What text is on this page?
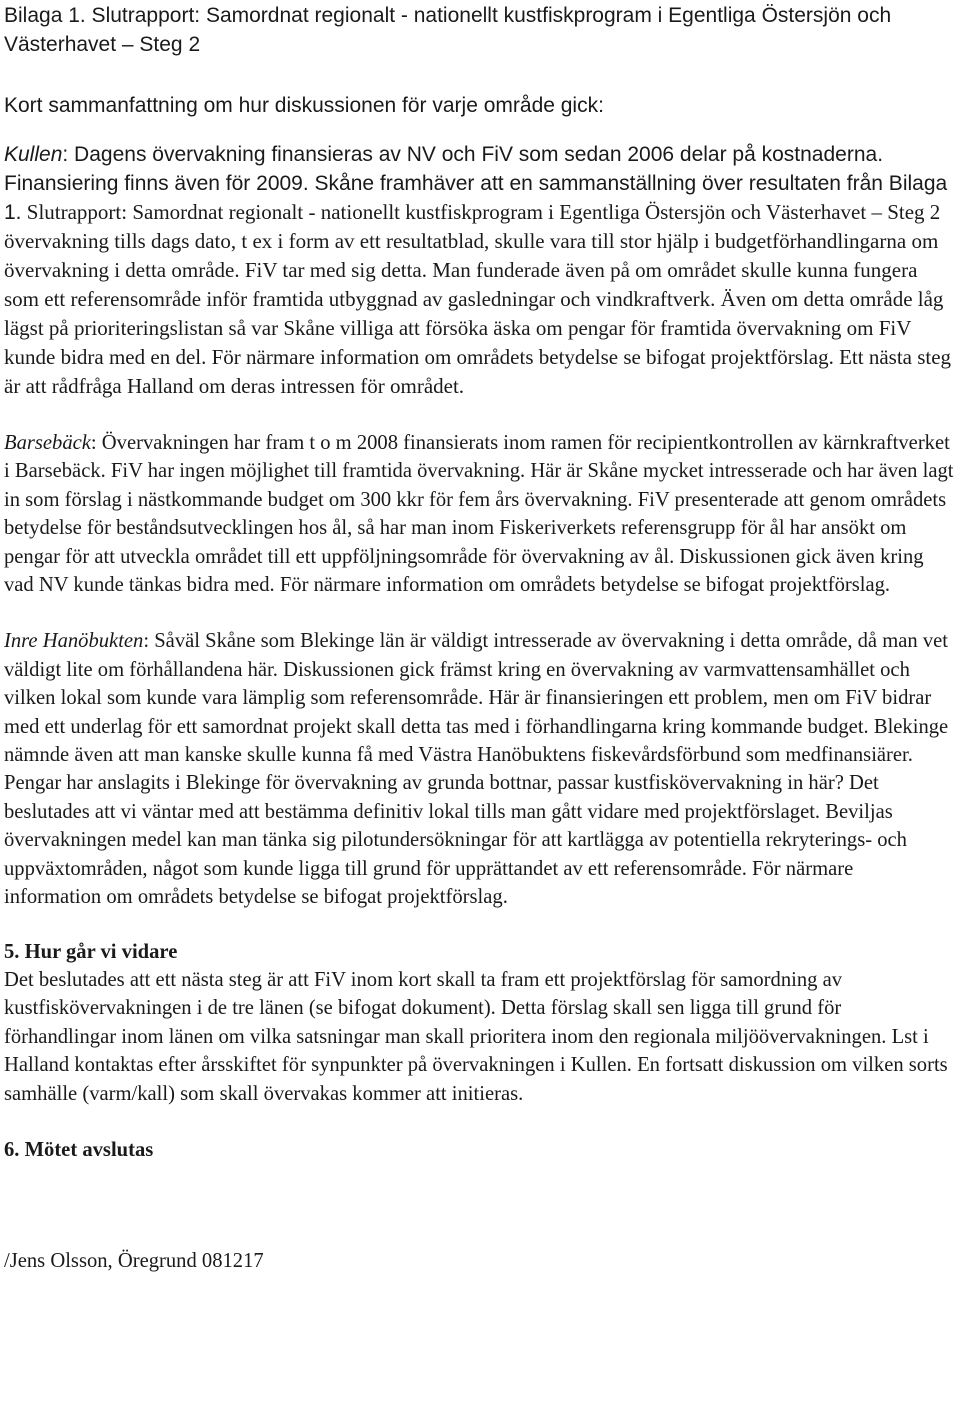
Bilaga 1. Slutrapport: Samordnat regionalt - nationellt kustfiskprogram i Egentliga Östersjön och Västerhavet – Steg 2

Kort sammanfattning om hur diskussionen för varje område gick:

Kullen: Dagens övervakning finansieras av NV och FiV som sedan 2006 delar på kostnaderna. Finansiering finns även för 2009. Skåne framhäver att en sammanställning över resultaten från Bilaga 1. Slutrapport: Samordnat regionalt - nationellt kustfiskprogram i Egentliga Östersjön och Västerhavet – Steg 2 övervakning tills dags dato, t ex i form av ett resultatblad, skulle vara till stor hjälp i budgetförhandlingarna om övervakning i detta område. FiV tar med sig detta. Man funderade även på om området skulle kunna fungera som ett referensområde inför framtida utbyggnad av gasledningar och vindkraftverk. Även om detta område låg lägst på prioriteringslistan så var Skåne villiga att försöka äska om pengar för framtida övervakning om FiV kunde bidra med en del. För närmare information om områdets betydelse se bifogat projektförslag. Ett nästa steg är att rådfråga Halland om deras intressen för området.

Barsebäck: Övervakningen har fram t o m 2008 finansierats inom ramen för recipientkontrollen av kärnkraftverket i Barsebäck. FiV har ingen möjlighet till framtida övervakning. Här är Skåne mycket intresserade och har även lagt in som förslag i nästkommande budget om 300 kkr för fem års övervakning. FiV presenterade att genom områdets betydelse för beståndsutvecklingen hos ål, så har man inom Fiskeriverkets referensgrupp för ål har ansökt om pengar för att utveckla området till ett uppföljningsområde för övervakning av ål. Diskussionen gick även kring vad NV kunde tänkas bidra med. För närmare information om områdets betydelse se bifogat projektförslag.

Inre Hanöbukten: Såväl Skåne som Blekinge län är väldigt intresserade av övervakning i detta område, då man vet väldigt lite om förhållandena här. Diskussionen gick främst kring en övervakning av varmvattensamhället och vilken lokal som kunde vara lämplig som referensområde. Här är finansieringen ett problem, men om FiV bidrar med ett underlag för ett samordnat projekt skall detta tas med i förhandlingarna kring kommande budget. Blekinge nämnde även att man kanske skulle kunna få med Västra Hanöbuktens fiskevårdsförbund som medfinansiärer. Pengar har anslagits i Blekinge för övervakning av grunda bottnar, passar kustfiskövervakning in här? Det beslutades att vi väntar med att bestämma definitiv lokal tills man gått vidare med projektförslaget. Beviljas övervakningen medel kan man tänka sig pilotundersökningar för att kartlägga av potentiella rekryterings- och uppväxtområden, något som kunde ligga till grund för upprättandet av ett referensområde. För närmare information om områdets betydelse se bifogat projektförslag.

5. Hur går vi vidare

Det beslutades att ett nästa steg är att FiV inom kort skall ta fram ett projektförslag för samordning av kustfiskövervakningen i de tre länen (se bifogat dokument). Detta förslag skall sen ligga till grund för förhandlingar inom länen om vilka satsningar man skall prioritera inom den regionala miljöövervakningen. Lst i Halland kontaktas efter årsskiftet för synpunkter på övervakningen i Kullen. En fortsatt diskussion om vilken sorts samhälle (varm/kall) som skall övervakas kommer att initieras.

6. Mötet avslutas

/Jens Olsson, Öregrund 081217
